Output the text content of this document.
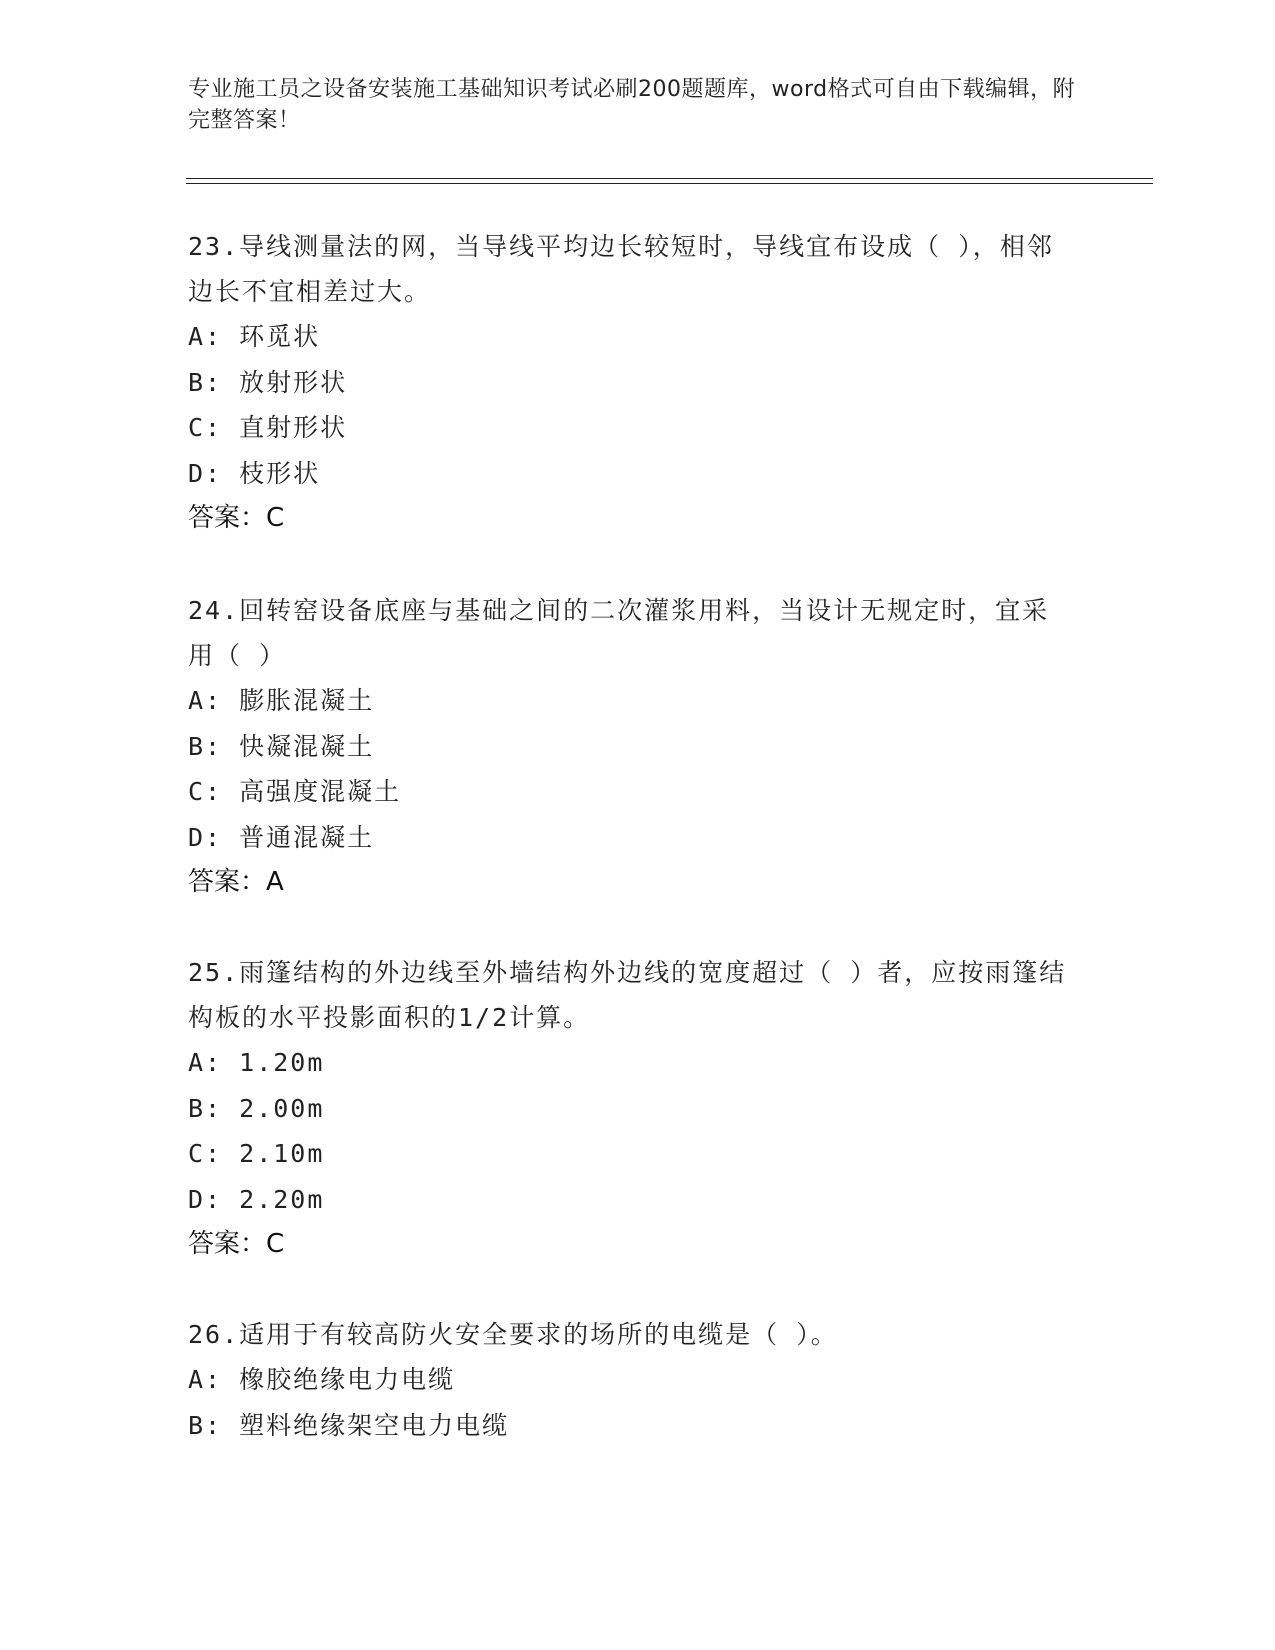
专业施工员之设备安装施工基础知识考试必刷200题题库，word格式可自由下载编辑，附完整答案！
23.导线测量法的网，当导线平均边长较短时，导线宜布设成（ ），相邻边长不宜相差过大。
A: 环觅状
B: 放射形状
C: 直射形状
D: 枝形状
答案：C
24.回转窑设备底座与基础之间的二次灌浆用料，当设计无规定时，宜采用（ ）
A: 膨胀混凝土
B: 快凝混凝土
C: 高强度混凝土
D: 普通混凝土
答案：A
25.雨篷结构的外边线至外墙结构外边线的宽度超过（ ）者，应按雨篷结构板的水平投影面积的1/2计算。
A: 1.20m
B: 2.00m
C: 2.10m
D: 2.20m
答案：C
26.适用于有较高防火安全要求的场所的电缆是（ ）。
A: 橡胶绝缘电力电缆
B: 塑料绝缘架空电力电缆
